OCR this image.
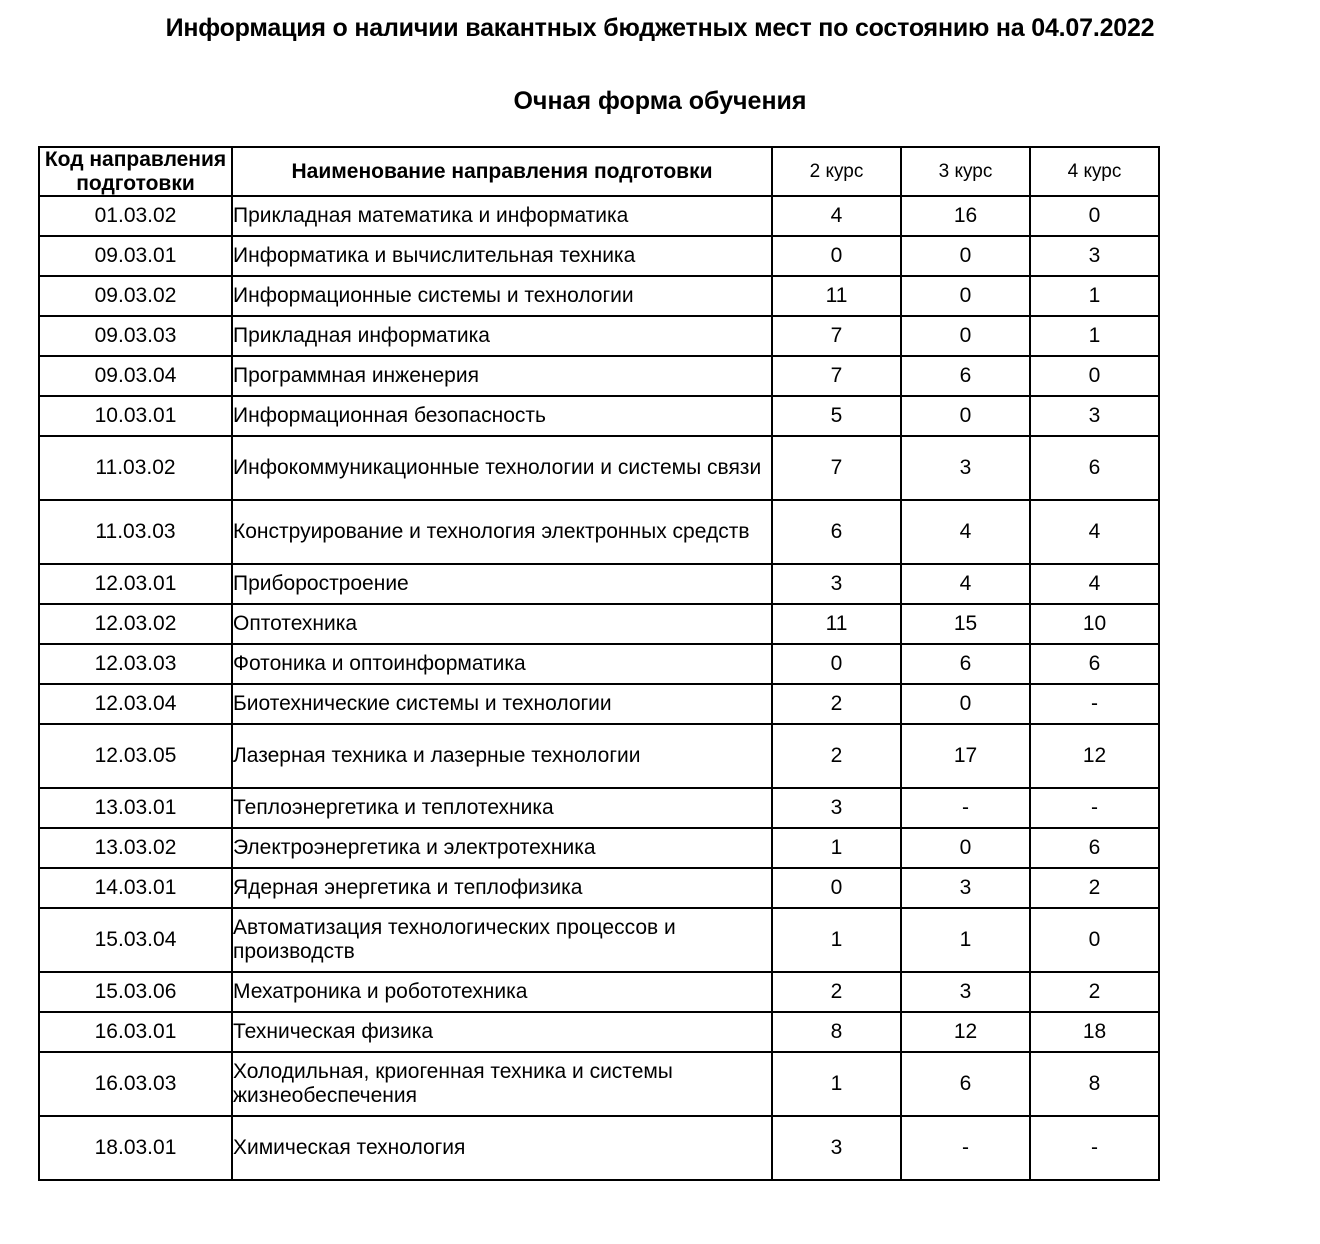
Информация о наличии вакантных бюджетных мест по состоянию на 04.07.2022
Очная форма обучения
Код направления подготовки	Наименование направления подготовки	2 курс	3 курс	4 курс
01.03.02	Прикладная математика и информатика	4	16	0
09.03.01	Информатика и вычислительная техника	0	0	3
09.03.02	Информационные системы и технологии	11	0	1
09.03.03	Прикладная информатика	7	0	1
09.03.04	Программная инженерия	7	6	0
10.03.01	Информационная безопасность	5	0	3
11.03.02	Инфокоммуникационные технологии и системы связи	7	3	6
11.03.03	Конструирование и технология электронных средств	6	4	4
12.03.01	Приборостроение	3	4	4
12.03.02	Оптотехника	11	15	10
12.03.03	Фотоника и оптоинформатика	0	6	6
12.03.04	Биотехнические системы и технологии	2	0	-
12.03.05	Лазерная техника и лазерные технологии	2	17	12
13.03.01	Теплоэнергетика и теплотехника	3	-	-
13.03.02	Электроэнергетика и электротехника	1	0	6
14.03.01	Ядерная энергетика и теплофизика	0	3	2
15.03.04	Автоматизация технологических процессов и производств	1	1	0
15.03.06	Мехатроника и робототехника	2	3	2
16.03.01	Техническая физика	8	12	18
16.03.03	Холодильная, криогенная техника и системы жизнеобеспечения	1	6	8
18.03.01	Химическая технология	3	-	-
